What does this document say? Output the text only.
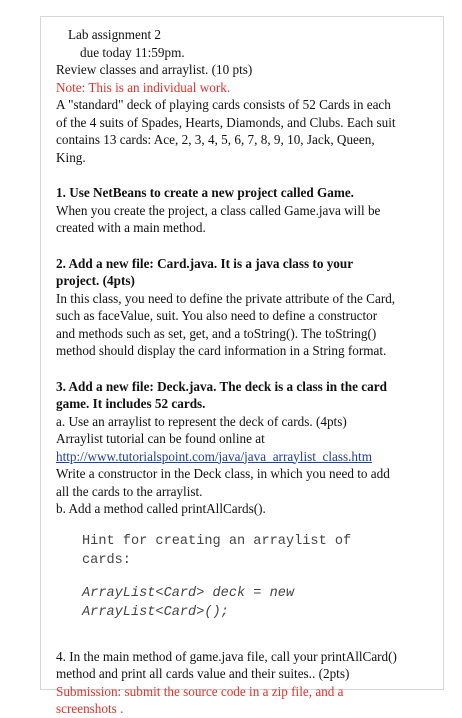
Lab assignment 2

due today 11:59pm.

Review classes and arraylist. (10 pts)

Note: This is an individual work.

A "standard" deck of playing cards consists of 52 Cards in each

of the 4 suits of Spades, Hearts, Diamonds, and Clubs. Each suit

contains 13 cards: Ace, 2, 3, 4, 5, 6, 7, 8, 9, 10, Jack, Queen,

King.

1. Use NetBeans to create a new project called Game.

When you create the project, a class called Game.java will be

created with a main method.

2. Add a new file: Card.java. It is a java class to your

project. (4pts)

In this class, you need to define the private attribute of the Card,

such as faceValue, suit. You also need to define a constructor

and methods such as set, get, and a toString(). The toString()

method should display the card information in a String format.

3. Add a new file: Deck.java. The deck is a class in the card

game. It includes 52 cards.

a. Use an arraylist to represent the deck of cards. (4pts)

Arraylist tutorial can be found online at

http://www.tutorialspoint.com/java/java_arraylist_class.htm

Write a constructor in the Deck class, in which you need to add

all the cards to the arraylist.

b. Add a method called printAllCards().

Hint for creating an arraylist of

cards:

ArrayList<Card> deck = new

ArrayList<Card>();

4. In the main method of game.java file, call your printAllCard()

method and print all cards value and their suites.. (2pts)

Submission: submit the source code in a zip file, and a

screenshots .
